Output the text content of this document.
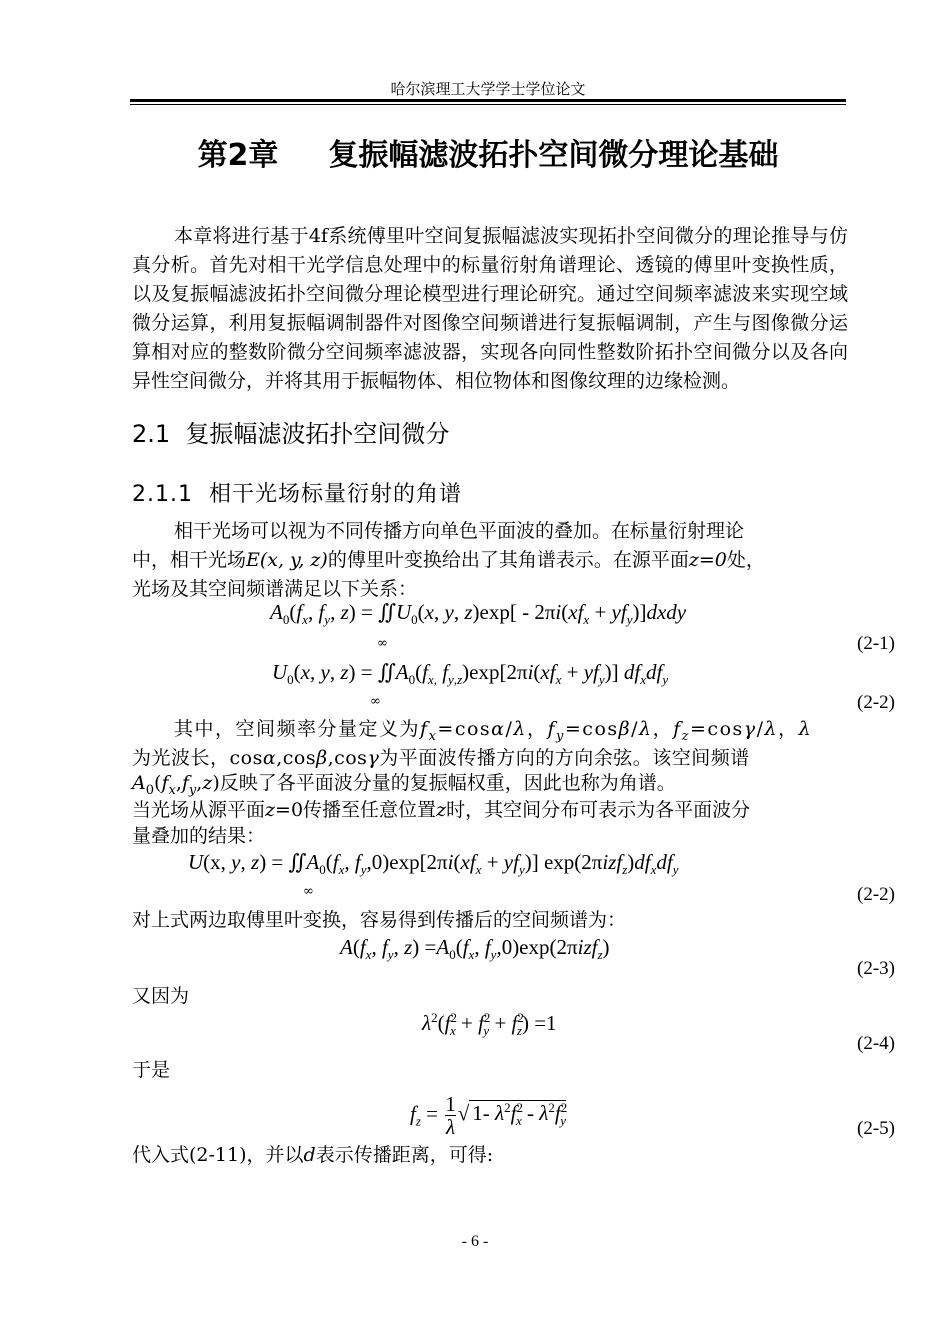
哈尔滨理工大学学士学位论文
第2章 复振幅滤波拓扑空间微分理论基础
本章将进行基于4f系统傅里叶空间复振幅滤波实现拓扑空间微分的理论推导与仿真分析。首先对相干光学信息处理中的标量衍射角谱理论、透镜的傅里叶变换性质，以及复振幅滤波拓扑空间微分理论模型进行理论研究。通过空间频率滤波来实现空域微分运算，利用复振幅调制器件对图像空间频谱进行复振幅调制，产生与图像微分运算相对应的整数阶微分空间频率滤波器，实现各向同性整数阶拓扑空间微分以及各向异性空间微分，并将其用于振幅物体、相位物体和图像纹理的边缘检测。
2.1 复振幅滤波拓扑空间微分
2.1.1 相干光场标量衍射的角谱
相干光场可以视为不同传播方向单色平面波的叠加。在标量衍射理论
中，相干光场E(x, y, z)的傅里叶变换给出了其角谱表示。在源平面z=0处，
光场及其空间频谱满足以下关系：
$A_0(f_x$, $f_y$, $z) = ∬U_0(x$, y, $z)\exp[ - 2\pi i(xf_x$ + $yf_y)]dxdy$
∞	(2-1)
$U_0(x$, y, $z) = ∬A_0(f_{x,}$ $f_{y,z})\exp[2\pi i(xf_x + yf_y)]$ $df_xdf_y$
∞	(2-2)
其中，空间频率分量定义为$f_x=\cos\alpha/\lambda$，$f_y=\cos\beta/\lambda$，$f_z=\cos\gamma/\lambda$，λ
为光波长，cosα,cosβ,cosγ为平面波传播方向的方向余弦。该空间频谱
$A_0(f_x,f_y,z)$反映了各平面波分量的复振幅权重，因此也称为角谱。
当光场从源平面z=0传播至任意位置z时，其空间分布可表示为各平面波分
量叠加的结果：
U(x, y, $z) = ∬A_0(f_x$, $f_y,0)\exp[2\pi i(xf_x + yf_y)]$ $\exp(2\pi izf_z)df_xdf_y$
∞	(2-2)
对上式两边取傅里叶变换，容易得到传播后的空间频谱为：
$A(f_x$, $f_y$, $z) =A_0(f_x$, $f_y,0)\exp(2\pi izf_z)$
(2-3)
又因为
$\lambda^2(f^2_x + f^2_y + f^2_z) =1$
(2-4)
于是
$f_z = \frac{1}{\lambda}$ √ 1- $\lambda^2f^2_x - \lambda^2f^2_y$	(2-5)
代入式(2-11)，并以d表示传播距离，可得:
- 6 -
